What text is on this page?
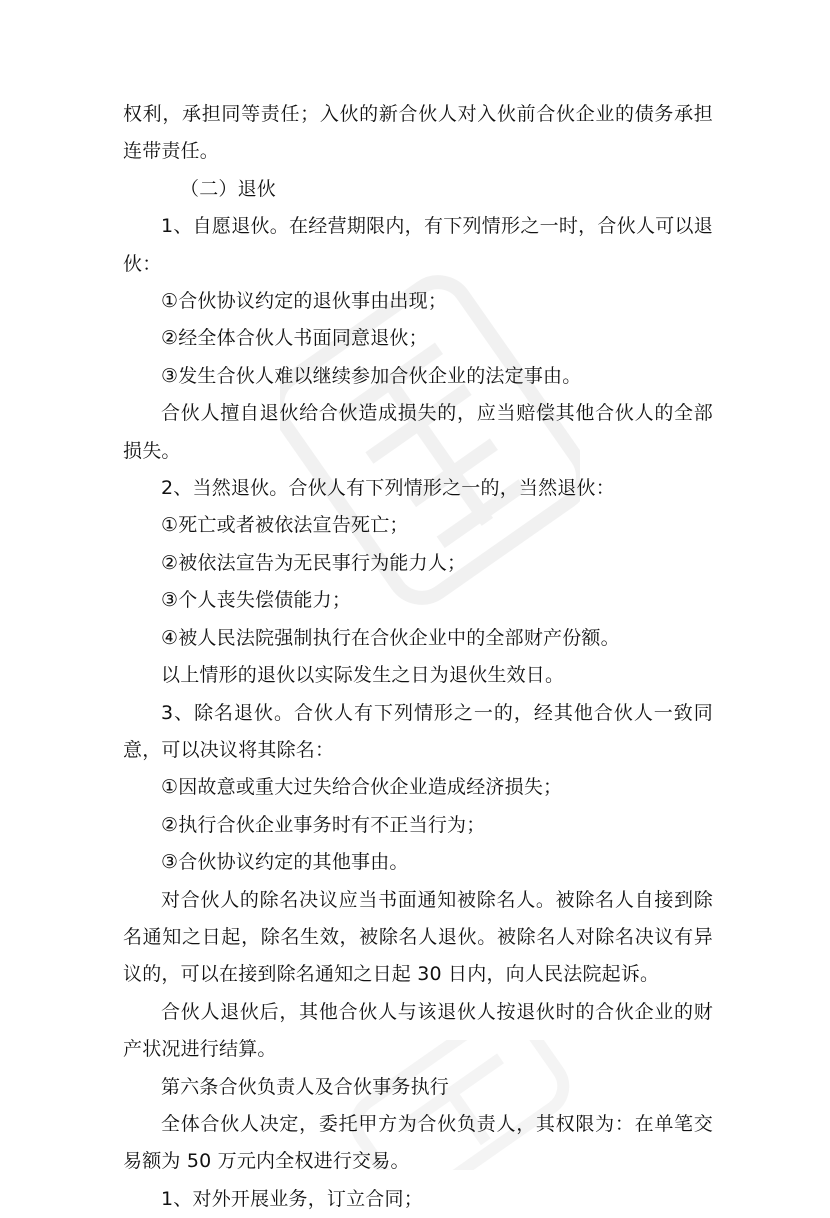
权利，承担同等责任；入伙的新合伙人对入伙前合伙企业的债务承担连带责任。

（二）退伙

1、自愿退伙。在经营期限内，有下列情形之一时，合伙人可以退伙：

①合伙协议约定的退伙事由出现；

②经全体合伙人书面同意退伙；

③发生合伙人难以继续参加合伙企业的法定事由。

合伙人擅自退伙给合伙造成损失的，应当赔偿其他合伙人的全部损失。

2、当然退伙。合伙人有下列情形之一的，当然退伙：

①死亡或者被依法宣告死亡；

②被依法宣告为无民事行为能力人；

③个人丧失偿债能力；

④被人民法院强制执行在合伙企业中的全部财产份额。

以上情形的退伙以实际发生之日为退伙生效日。

3、除名退伙。合伙人有下列情形之一的，经其他合伙人一致同意，可以决议将其除名：

①因故意或重大过失给合伙企业造成经济损失；

②执行合伙企业事务时有不正当行为；

③合伙协议约定的其他事由。

对合伙人的除名决议应当书面通知被除名人。被除名人自接到除名通知之日起，除名生效，被除名人退伙。被除名人对除名决议有异议的，可以在接到除名通知之日起 30 日内，向人民法院起诉。

合伙人退伙后，其他合伙人与该退伙人按退伙时的合伙企业的财产状况进行结算。

第六条合伙负责人及合伙事务执行

全体合伙人决定，委托甲方为合伙负责人，其权限为：在单笔交易额为 50 万元内全权进行交易。

1、对外开展业务，订立合同；
